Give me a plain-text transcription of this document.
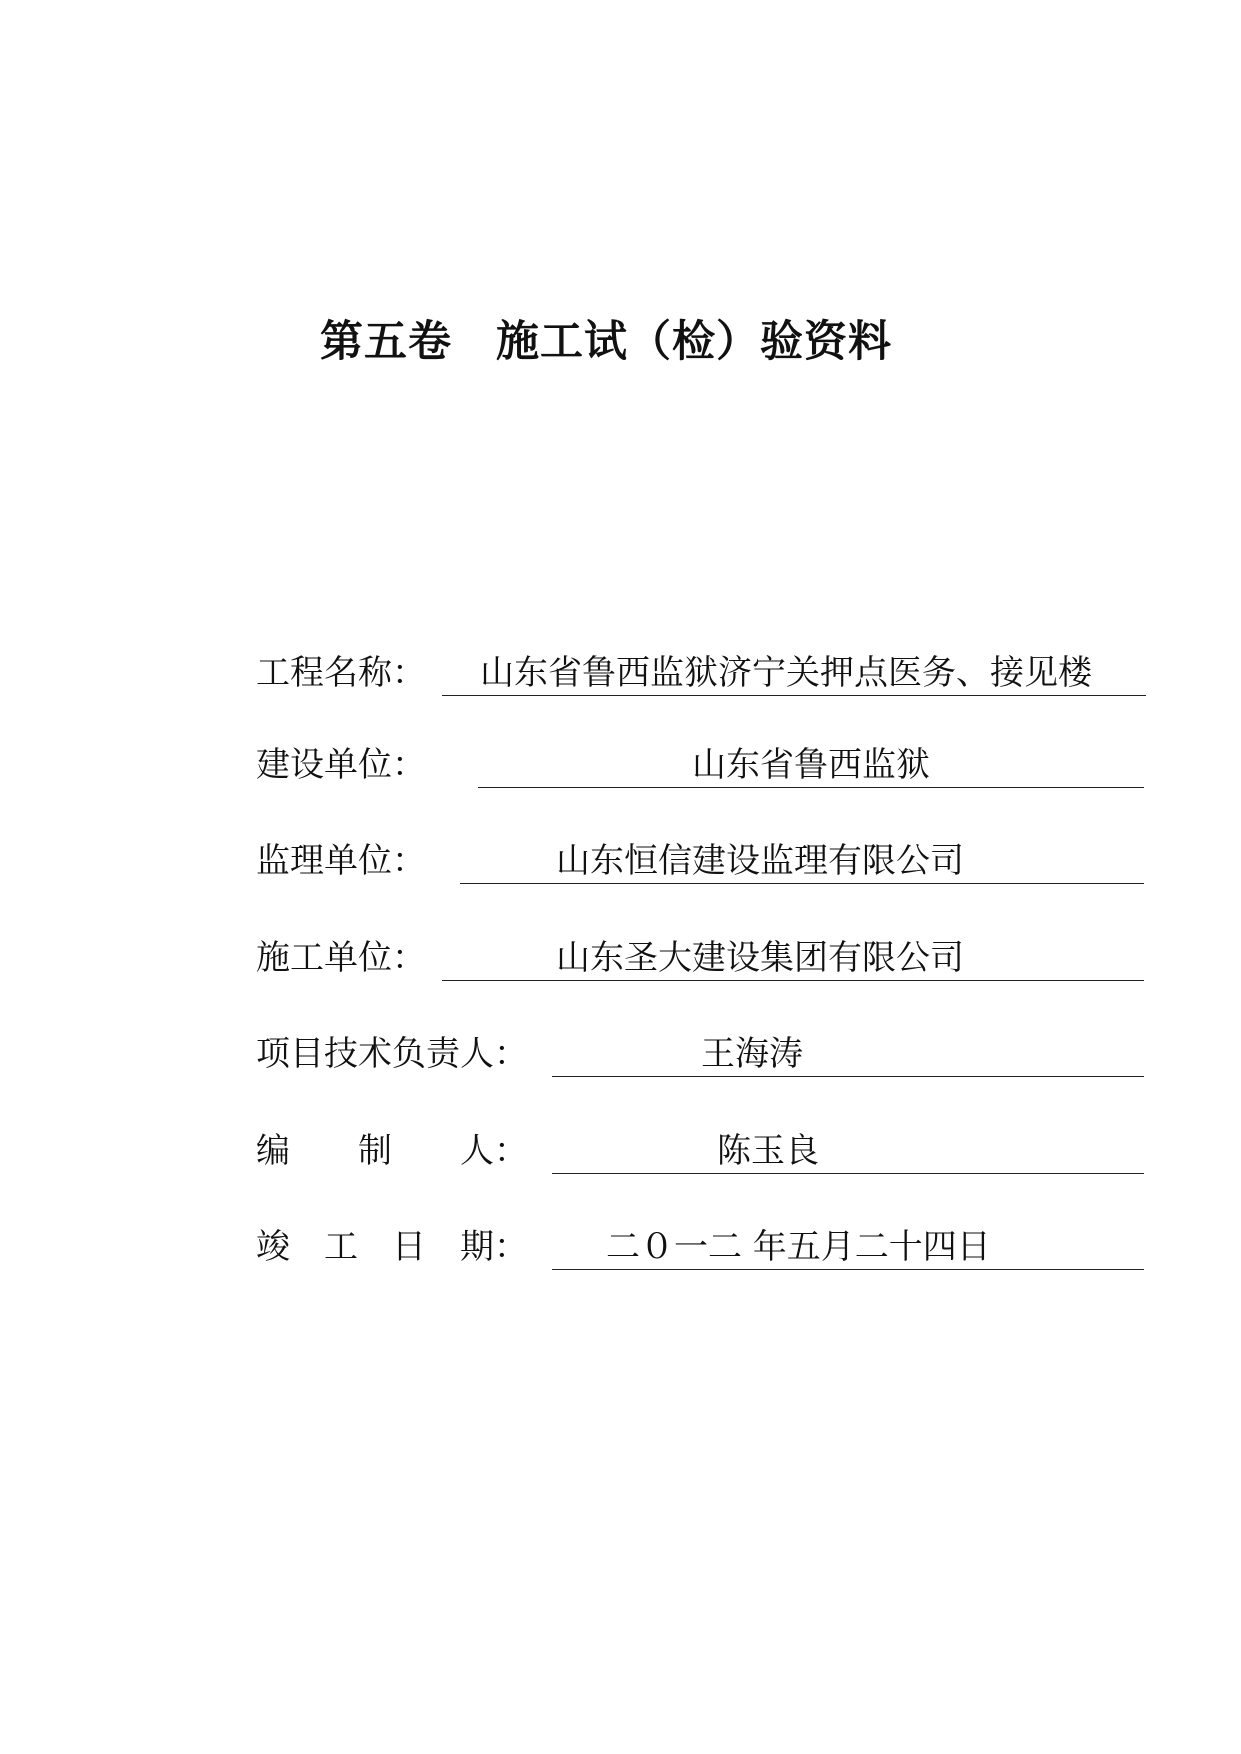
第五卷　施工试（检）验资料
工程名称： 山东省鲁西监狱济宁关押点医务、接见楼
建设单位：	山东省鲁西监狱
监理单位：	山东恒信建设监理有限公司
施工单位：	山东圣大建设集团有限公司
项目技术负责人：	王海涛
编　　制　　人：	陈玉良
竣　工　日　期： 二０一二 年五月二十四日
